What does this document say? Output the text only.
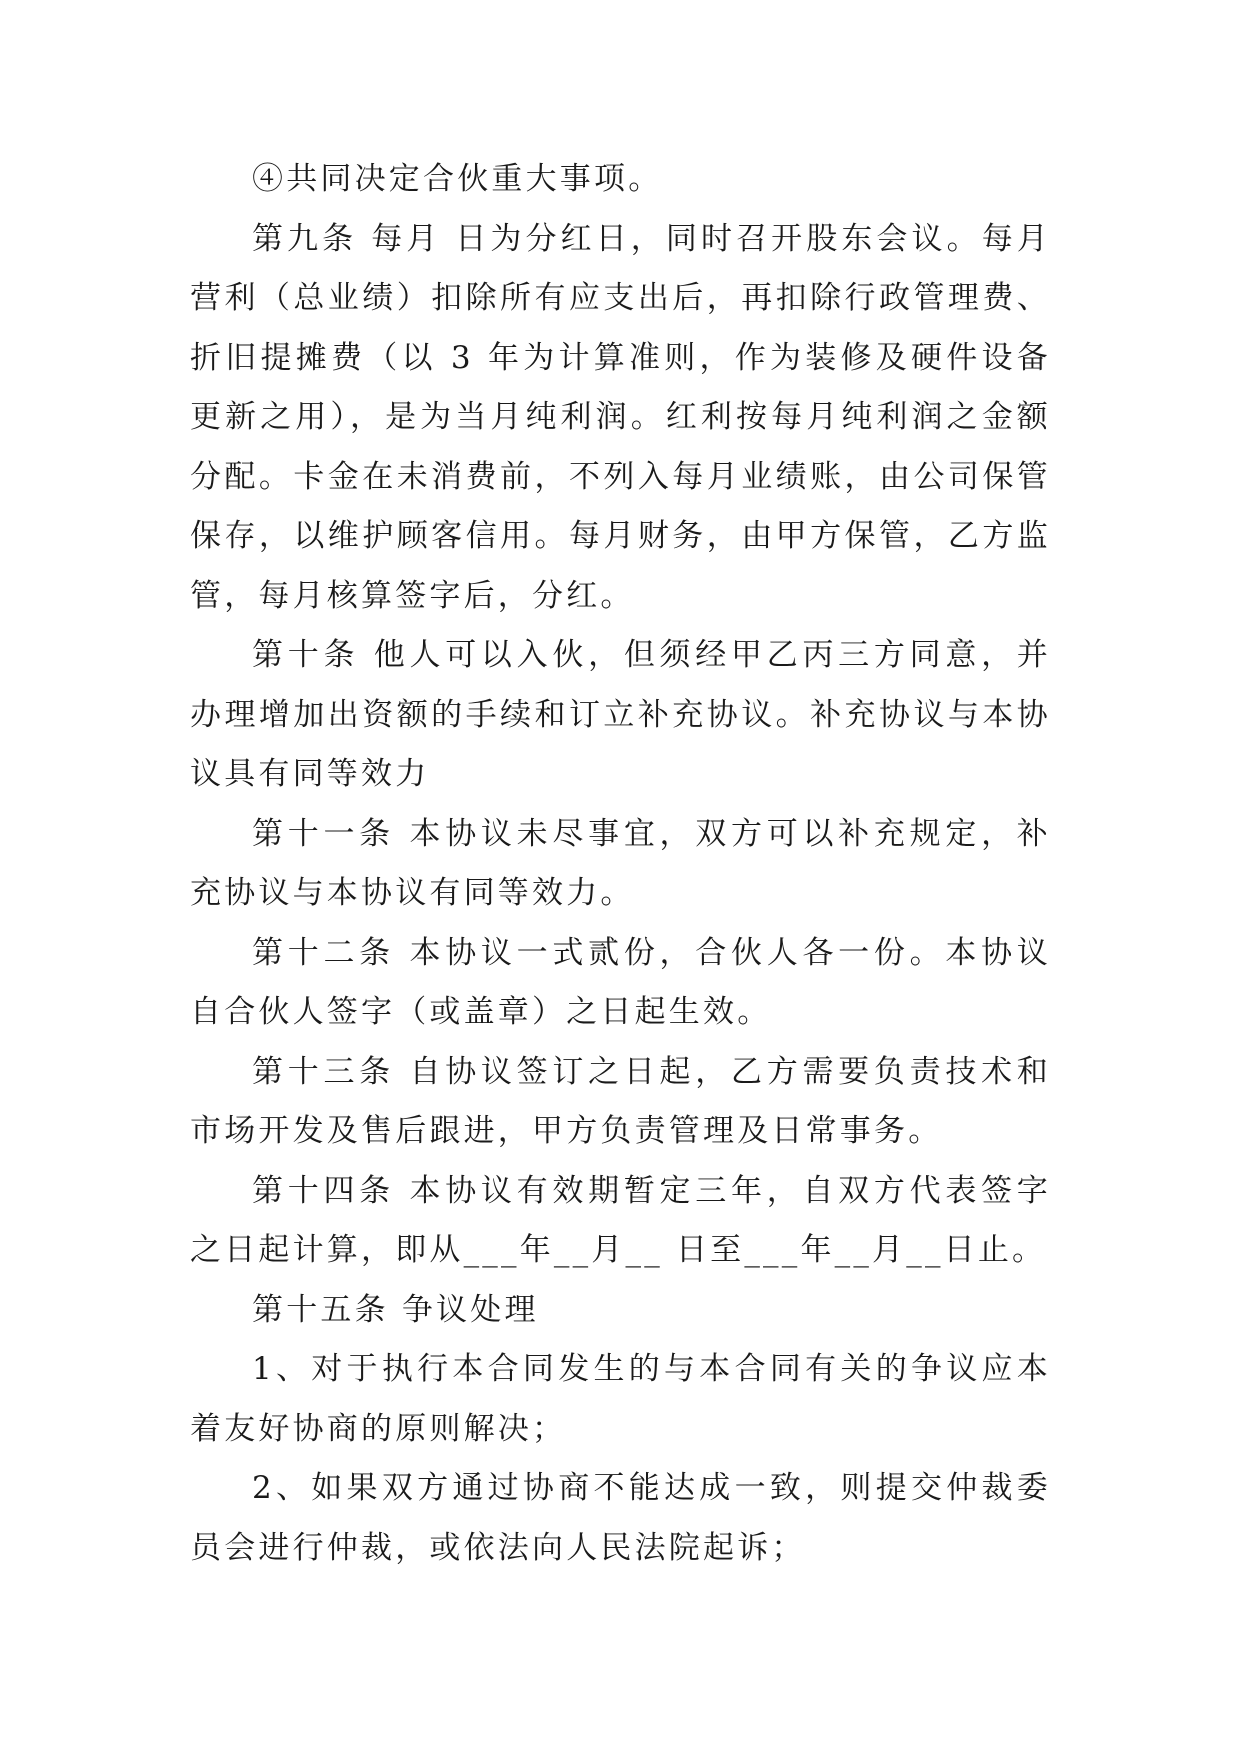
④共同决定合伙重大事项。

第九条 每月 日为分红日，同时召开股东会议。每月营利（总业绩）扣除所有应支出后，再扣除行政管理费、折旧提摊费（以 3 年为计算准则，作为装修及硬件设备更新之用），是为当月纯利润。红利按每月纯利润之金额分配。卡金在未消费前，不列入每月业绩账，由公司保管保存，以维护顾客信用。每月财务，由甲方保管，乙方监管，每月核算签字后，分红。

第十条 他人可以入伙，但须经甲乙丙三方同意，并办理增加出资额的手续和订立补充协议。补充协议与本协议具有同等效力

第十一条 本协议未尽事宜，双方可以补充规定，补充协议与本协议有同等效力。

第十二条 本协议一式贰份，合伙人各一份。本协议自合伙人签字（或盖章）之日起生效。

第十三条 自协议签订之日起，乙方需要负责技术和市场开发及售后跟进，甲方负责管理及日常事务。

第十四条 本协议有效期暂定三年，自双方代表签字之日起计算，即从___年__月__ 日至___年__月__日止。

第十五条 争议处理

1、对于执行本合同发生的与本合同有关的争议应本着友好协商的原则解决；

2、如果双方通过协商不能达成一致，则提交仲裁委员会进行仲裁，或依法向人民法院起诉；
